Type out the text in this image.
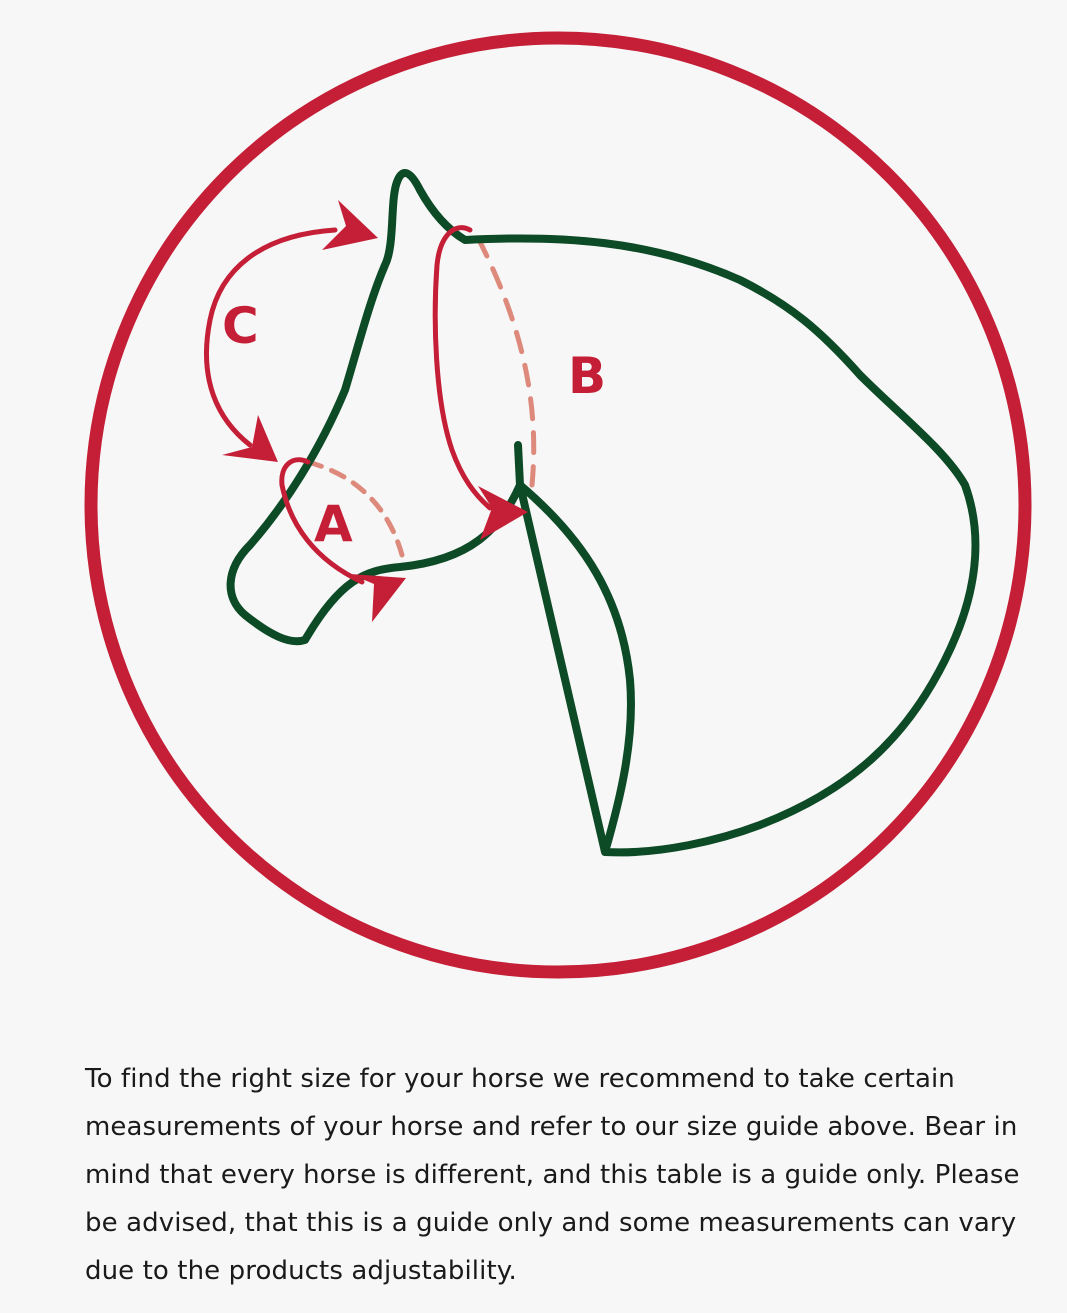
C
B
A

To find the right size for your horse we recommend to take certain measurements of your horse and refer to our size guide above. Bear in mind that every horse is different, and this table is a guide only. Please be advised, that this is a guide only and some measurements can vary due to the products adjustability.
